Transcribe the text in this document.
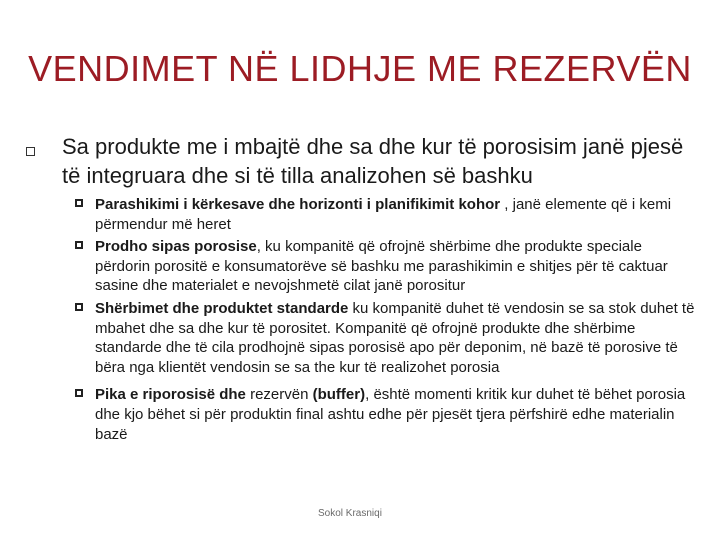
VENDIMET NË LIDHJE ME REZERVËN
Sa produkte me i mbajtë dhe sa dhe kur të porosisim janë pjesë të integruara dhe si të tilla analizohen së bashku
Parashikimi i kërkesave dhe horizonti i planifikimit kohor , janë elemente që i kemi përmendur më heret
Prodho sipas porosise, ku kompanitë që ofrojnë shërbime dhe produkte speciale përdorin porositë e konsumatorëve së bashku me parashikimin e shitjes për të caktuar sasine dhe materialet e nevojshmetë cilat janë porositur
Shërbimet dhe produktet standarde ku kompanitë duhet të vendosin se sa stok duhet të mbahet dhe sa dhe kur të porositet. Kompanitë që ofrojnë produkte dhe shërbime standarde dhe të cila prodhojnë sipas porosisë apo për deponim, në bazë të porosive të bëra nga klientët vendosin se sa the kur të realizohet porosia
Pika e riporosisë dhe rezervën (buffer), është momenti kritik kur duhet të bëhet porosia dhe kjo bëhet si për produktin final ashtu edhe për pjesët tjera përfshirë edhe materialin bazë
Sokol Krasniqi
